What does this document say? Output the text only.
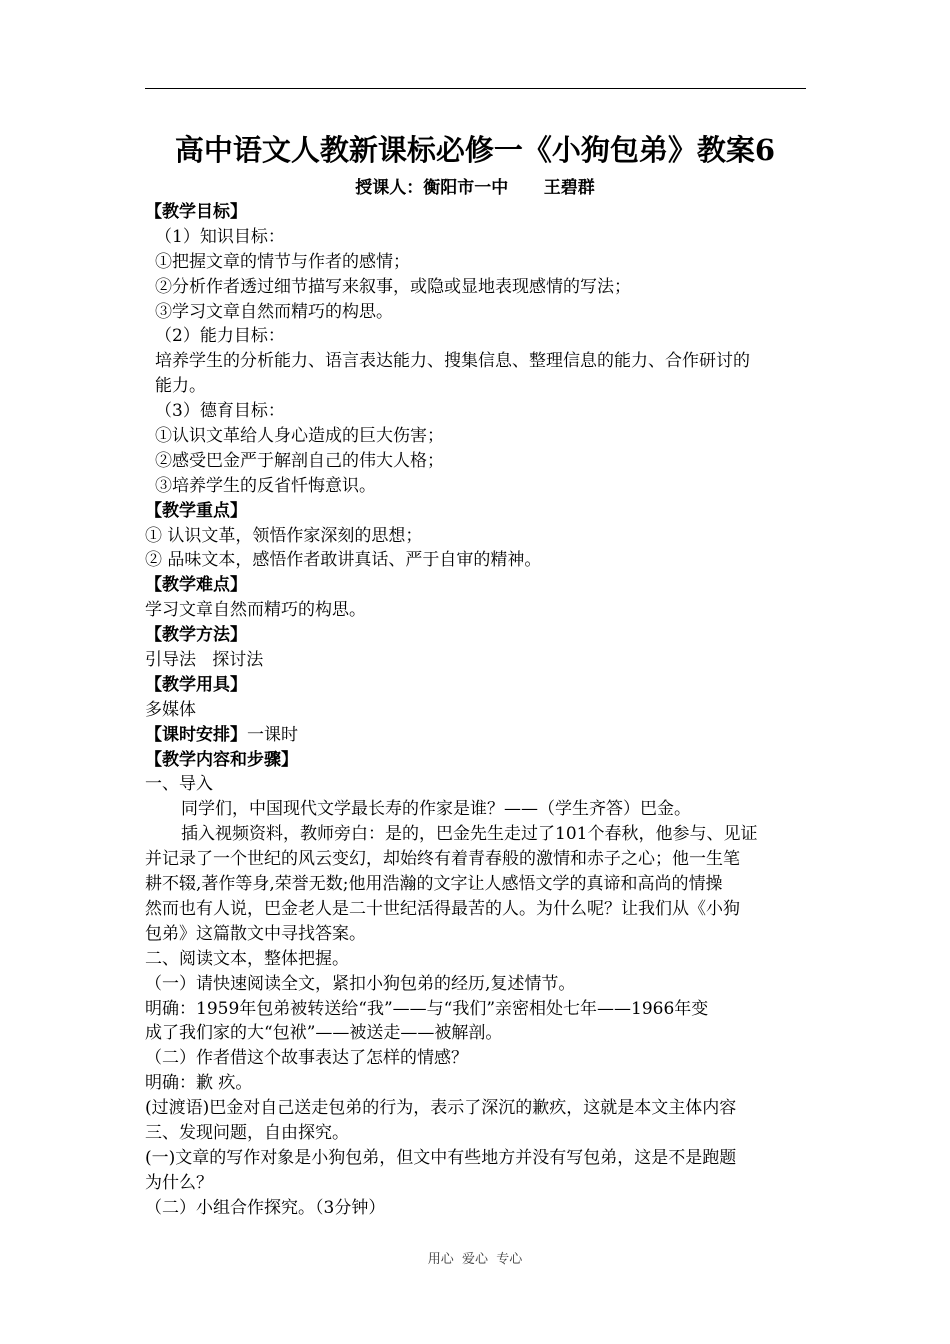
高中语文人教新课标必修一《小狗包弟》教案6
授课人：衡阳市一中      王碧群
【教学目标】
（1）知识目标：
①把握文章的情节与作者的感情；
②分析作者透过细节描写来叙事，或隐或显地表现感情的写法；
③学习文章自然而精巧的构思。
（2）能力目标：
培养学生的分析能力、语言表达能力、搜集信息、整理信息的能力、合作研讨的
能力。
（3）德育目标：
①认识文革给人身心造成的巨大伤害；
②感受巴金严于解剖自己的伟大人格；
③培养学生的反省忏悔意识。
【教学重点】
① 认识文革，领悟作家深刻的思想；
② 品味文本，感悟作者敢讲真话、严于自审的精神。
【教学难点】
学习文章自然而精巧的构思。
【教学方法】
引导法   探讨法
【教学用具】
多媒体
【课时安排】一课时
【教学内容和步骤】
一、导入
同学们，中国现代文学最长寿的作家是谁？——（学生齐答）巴金。
插入视频资料，教师旁白：是的，巴金先生走过了101个春秋，他参与、见证
并记录了一个世纪的风云变幻，却始终有着青春般的激情和赤子之心；他一生笔
耕不辍,著作等身,荣誉无数;他用浩瀚的文字让人感悟文学的真谛和高尚的情操
然而也有人说，巴金老人是二十世纪活得最苦的人。为什么呢？让我们从《小狗
包弟》这篇散文中寻找答案。
二、阅读文本，整体把握。
（一）请快速阅读全文，紧扣小狗包弟的经历,复述情节。
明确：1959年包弟被转送给“我”——与“我们”亲密相处七年——1966年变
成了我们家的大“包袱”——被送走——被解剖。
（二）作者借这个故事表达了怎样的情感？
明确：歉 疚。
(过渡语)巴金对自己送走包弟的行为，表示了深沉的歉疚，这就是本文主体内容
三、发现问题，自由探究。
(一)文章的写作对象是小狗包弟，但文中有些地方并没有写包弟，这是不是跑题
为什么？
（二）小组合作探究。（3分钟）
用心  爱心  专心
